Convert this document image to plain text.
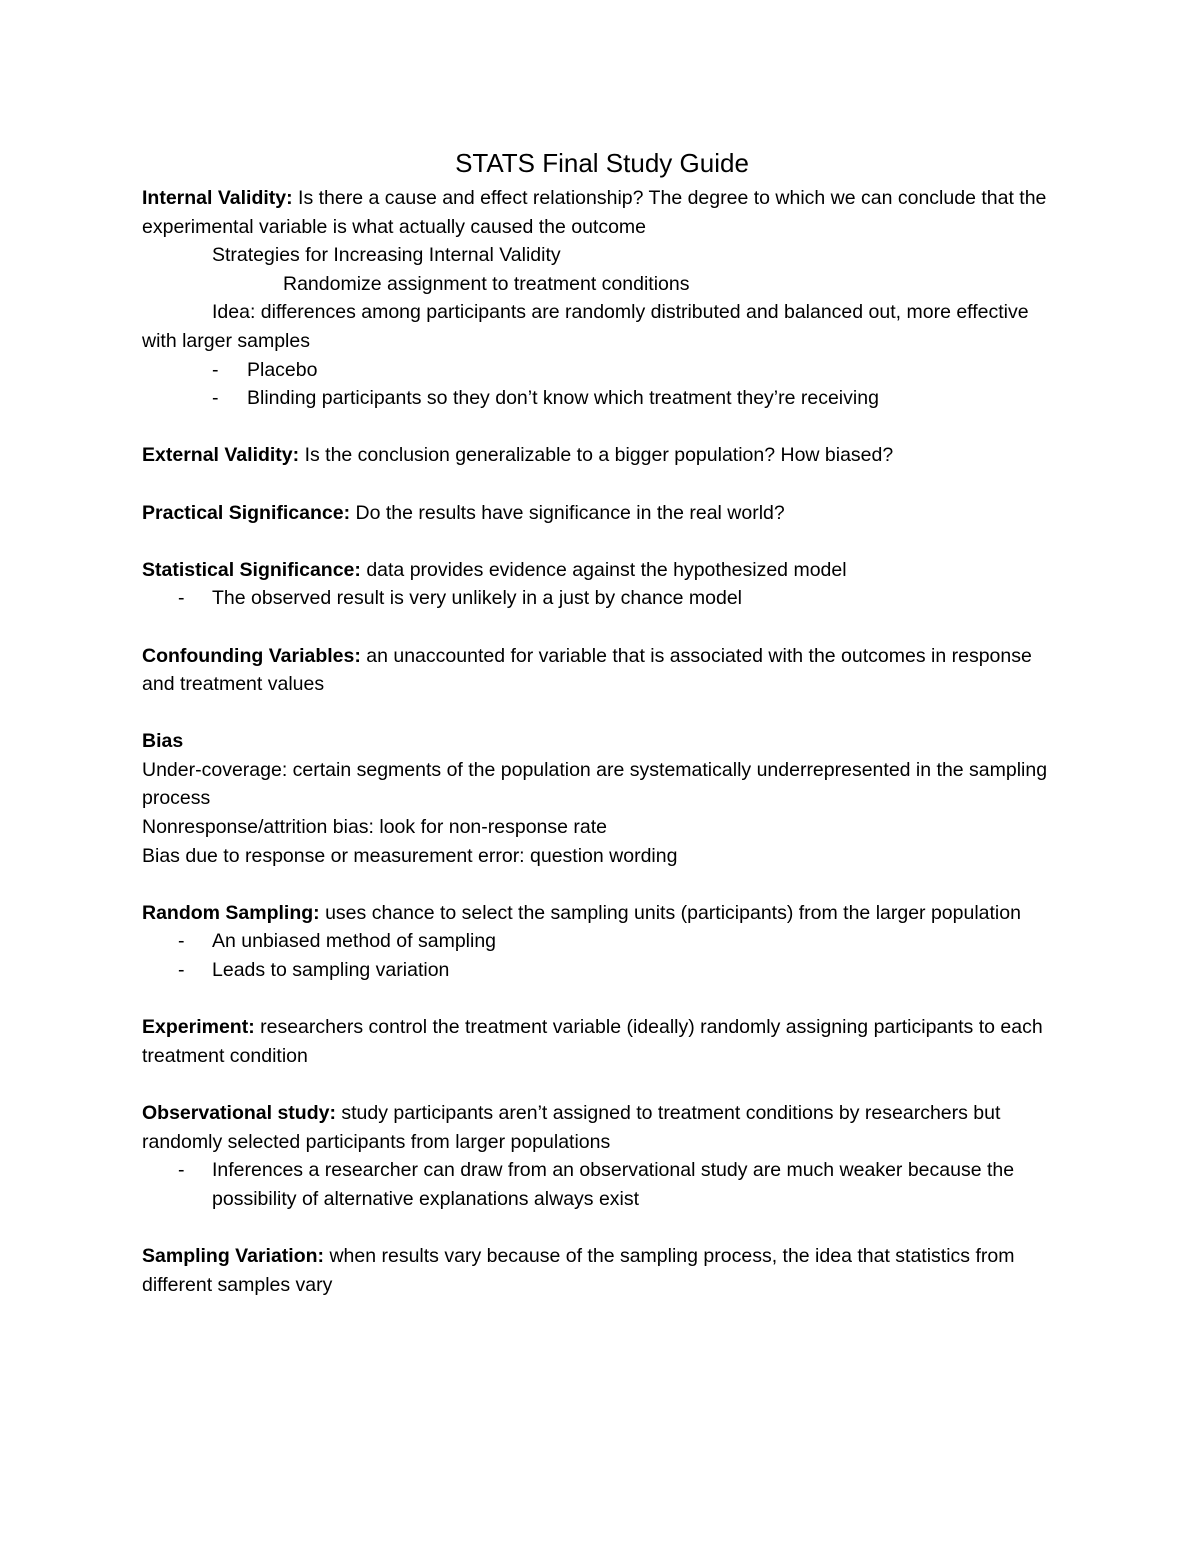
STATS Final Study Guide

Internal Validity: Is there a cause and effect relationship? The degree to which we can conclude that the experimental variable is what actually caused the outcome

Strategies for Increasing Internal Validity

Randomize assignment to treatment conditions

Idea: differences among participants are randomly distributed and balanced out, more effective with larger samples

- Placebo
- Blinding participants so they don’t know which treatment they’re receiving

External Validity: Is the conclusion generalizable to a bigger population? How biased?

Practical Significance: Do the results have significance in the real world?

Statistical Significance: data provides evidence against the hypothesized model

- The observed result is very unlikely in a just by chance model

Confounding Variables: an unaccounted for variable that is associated with the outcomes in response and treatment values

Bias

Under-coverage: certain segments of the population are systematically underrepresented in the sampling process

Nonresponse/attrition bias: look for non-response rate

Bias due to response or measurement error: question wording

Random Sampling: uses chance to select the sampling units (participants) from the larger population

- An unbiased method of sampling
- Leads to sampling variation

Experiment: researchers control the treatment variable (ideally) randomly assigning participants to each treatment condition

Observational study: study participants aren’t assigned to treatment conditions by researchers but randomly selected participants from larger populations

- Inferences a researcher can draw from an observational study are much weaker because the possibility of alternative explanations always exist

Sampling Variation: when results vary because of the sampling process, the idea that statistics from different samples vary
